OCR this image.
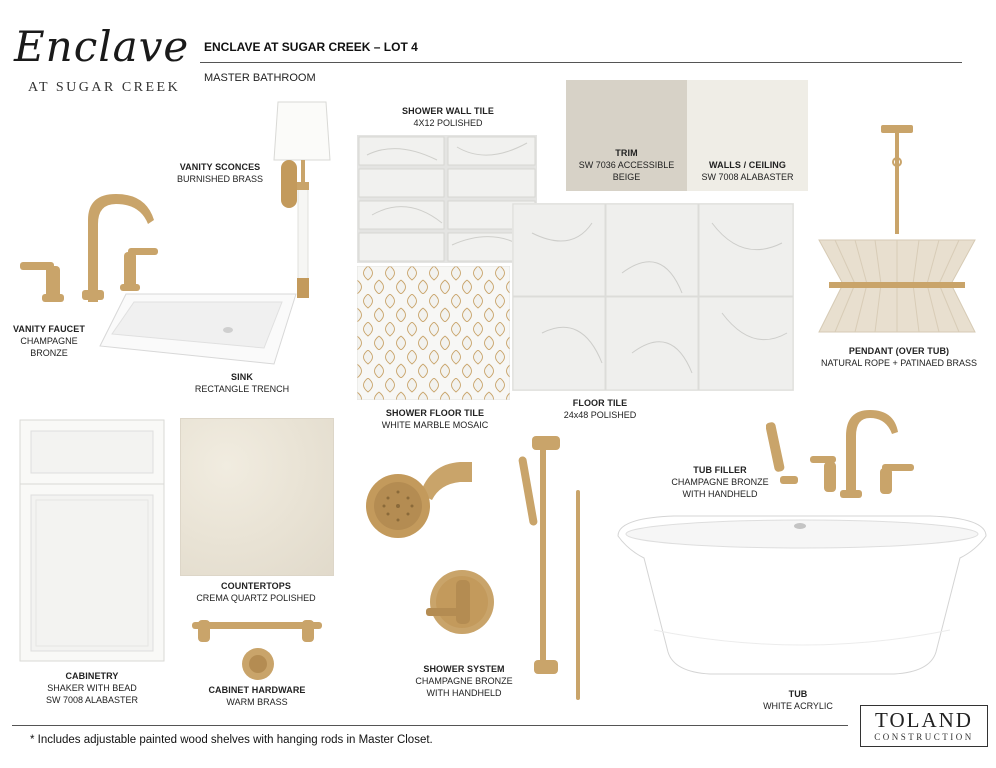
Enclave
AT SUGAR CREEK
ENCLAVE AT SUGAR CREEK – LOT 4
MASTER BATHROOM
VANITY SCONCES
BURNISHED BRASS
SHOWER WALL TILE
4X12 POLISHED
TRIM
SW 7036 ACCESSIBLE
BEIGE
WALLS / CEILING
SW 7008 ALABASTER
PENDANT (OVER TUB)
NATURAL ROPE + PATINAED BRASS
VANITY FAUCET
CHAMPAGNE
BRONZE
SINK
RECTANGLE TRENCH
SHOWER FLOOR TILE
WHITE MARBLE MOSAIC
FLOOR TILE
24x48 POLISHED
TUB FILLER
CHAMPAGNE BRONZE
WITH HANDHELD
TUB
WHITE ACRYLIC
CABINETRY
SHAKER WITH BEAD
SW 7008 ALABASTER
COUNTERTOPS
CREMA QUARTZ POLISHED
CABINET HARDWARE
WARM BRASS
SHOWER SYSTEM
CHAMPAGNE BRONZE
WITH HANDHELD
* Includes adjustable painted wood shelves with hanging rods in Master Closet.
TOLAND
CONSTRUCTION
